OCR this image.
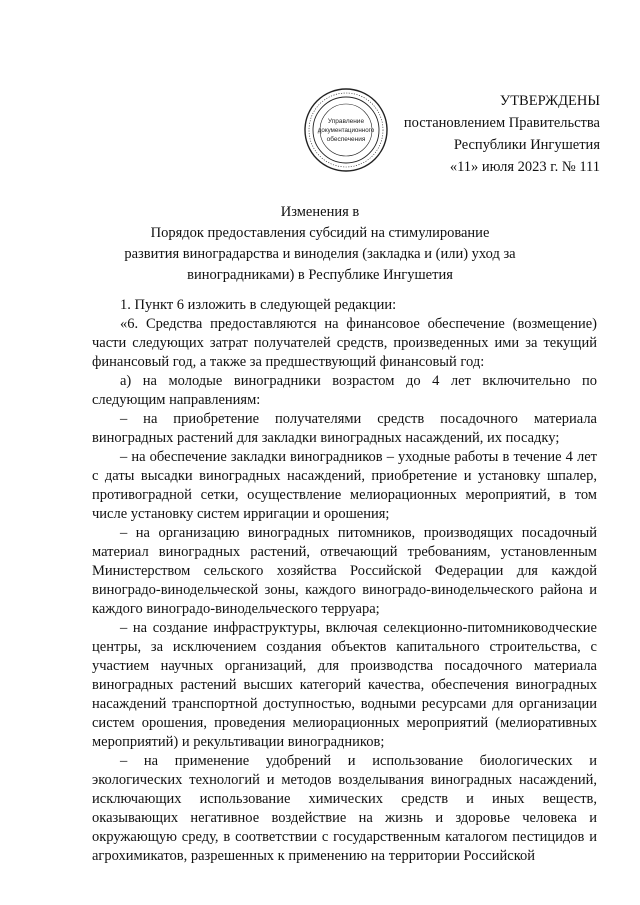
Управление
документационного
обеспечения
УТВЕРЖДЕНЫ
постановлением Правительства
Республики Ингушетия
«11» июля 2023 г. № 111
Изменения в
Порядок предоставления субсидий на стимулирование
развития виноградарства и виноделия (закладка и (или) уход за
виноградниками) в Республике Ингушетия

1. Пункт 6 изложить в следующей редакции:

«6. Средства предоставляются на финансовое обеспечение (возмещение) части следующих затрат получателей средств, произведенных ими за текущий финансовый год, а также за предшествующий финансовый год:

а) на молодые виноградники возрастом до 4 лет включительно по следующим направлениям:

– на приобретение получателями средств посадочного материала виноградных растений для закладки виноградных насаждений, их посадку;

– на обеспечение закладки виноградников – уходные работы в течение 4 лет с даты высадки виноградных насаждений, приобретение и установку шпалер, противоградной сетки, осуществление мелиорационных мероприятий, в том числе установку систем ирригации и орошения;

– на организацию виноградных питомников, производящих посадочный материал виноградных растений, отвечающий требованиям, установленным Министерством сельского хозяйства Российской Федерации для каждой виноградо-винодельческой зоны, каждого виноградо-винодельческого района и каждого виноградо-винодельческого терруара;

– на создание инфраструктуры, включая селекционно-питомниководческие центры, за исключением создания объектов капитального строительства, с участием научных организаций, для производства посадочного материала виноградных растений высших категорий качества, обеспечения виноградных насаждений транспортной доступностью, водными ресурсами для организации систем орошения, проведения мелиорационных мероприятий (мелиоративных мероприятий) и рекультивации виноградников;

– на применение удобрений и использование биологических и экологических технологий и методов возделывания виноградных насаждений, исключающих использование химических средств и иных веществ, оказывающих негативное воздействие на жизнь и здоровье человека и окружающую среду, в соответствии с государственным каталогом пестицидов и агрохимикатов, разрешенных к применению на территории Российской
